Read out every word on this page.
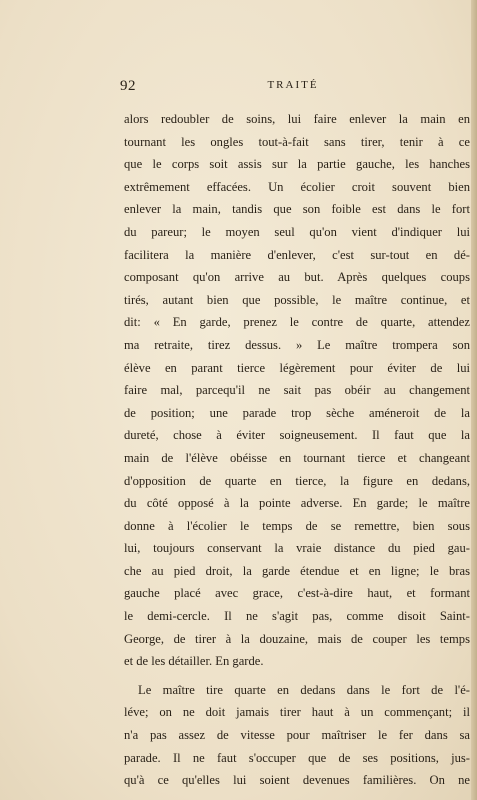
92	TRAITÉ
alors redoubler de soins, lui faire enlever la main en
tournant les ongles tout-à-fait sans tirer, tenir à ce
que le corps soit assis sur la partie gauche, les hanches
extrêmement effacées. Un écolier croit souvent bien
enlever la main, tandis que son foible est dans le fort
du pareur; le moyen seul qu'on vient d'indiquer lui
facilitera la manière d'enlever, c'est sur-tout en dé-
composant qu'on arrive au but. Après quelques coups
tirés, autant bien que possible, le maître continue, et
dit: « En garde, prenez le contre de quarte, attendez
ma retraite, tirez dessus. » Le maître trompera son
élève en parant tierce légèrement pour éviter de lui
faire mal, parcequ'il ne sait pas obéir au changement
de position; une parade trop sèche améneroit de la
dureté, chose à éviter soigneusement. Il faut que la
main de l'élève obéisse en tournant tierce et changeant
d'opposition de quarte en tierce, la figure en dedans,
du côté opposé à la pointe adverse. En garde; le maître
donne à l'écolier le temps de se remettre, bien sous
lui, toujours conservant la vraie distance du pied gau-
che au pied droit, la garde étendue et en ligne; le bras
gauche placé avec grace, c'est-à-dire haut, et formant
le demi-cercle. Il ne s'agit pas, comme disoit Saint-
George, de tirer à la douzaine, mais de couper les temps
et de les détailler. En garde.
Le maître tire quarte en dedans dans le fort de l'é-
léve; on ne doit jamais tirer haut à un commençant; il
n'a pas assez de vitesse pour maîtriser le fer dans sa
parade. Il ne faut s'occuper que de ses positions, jus-
qu'à ce qu'elles lui soient devenues familières. On ne
